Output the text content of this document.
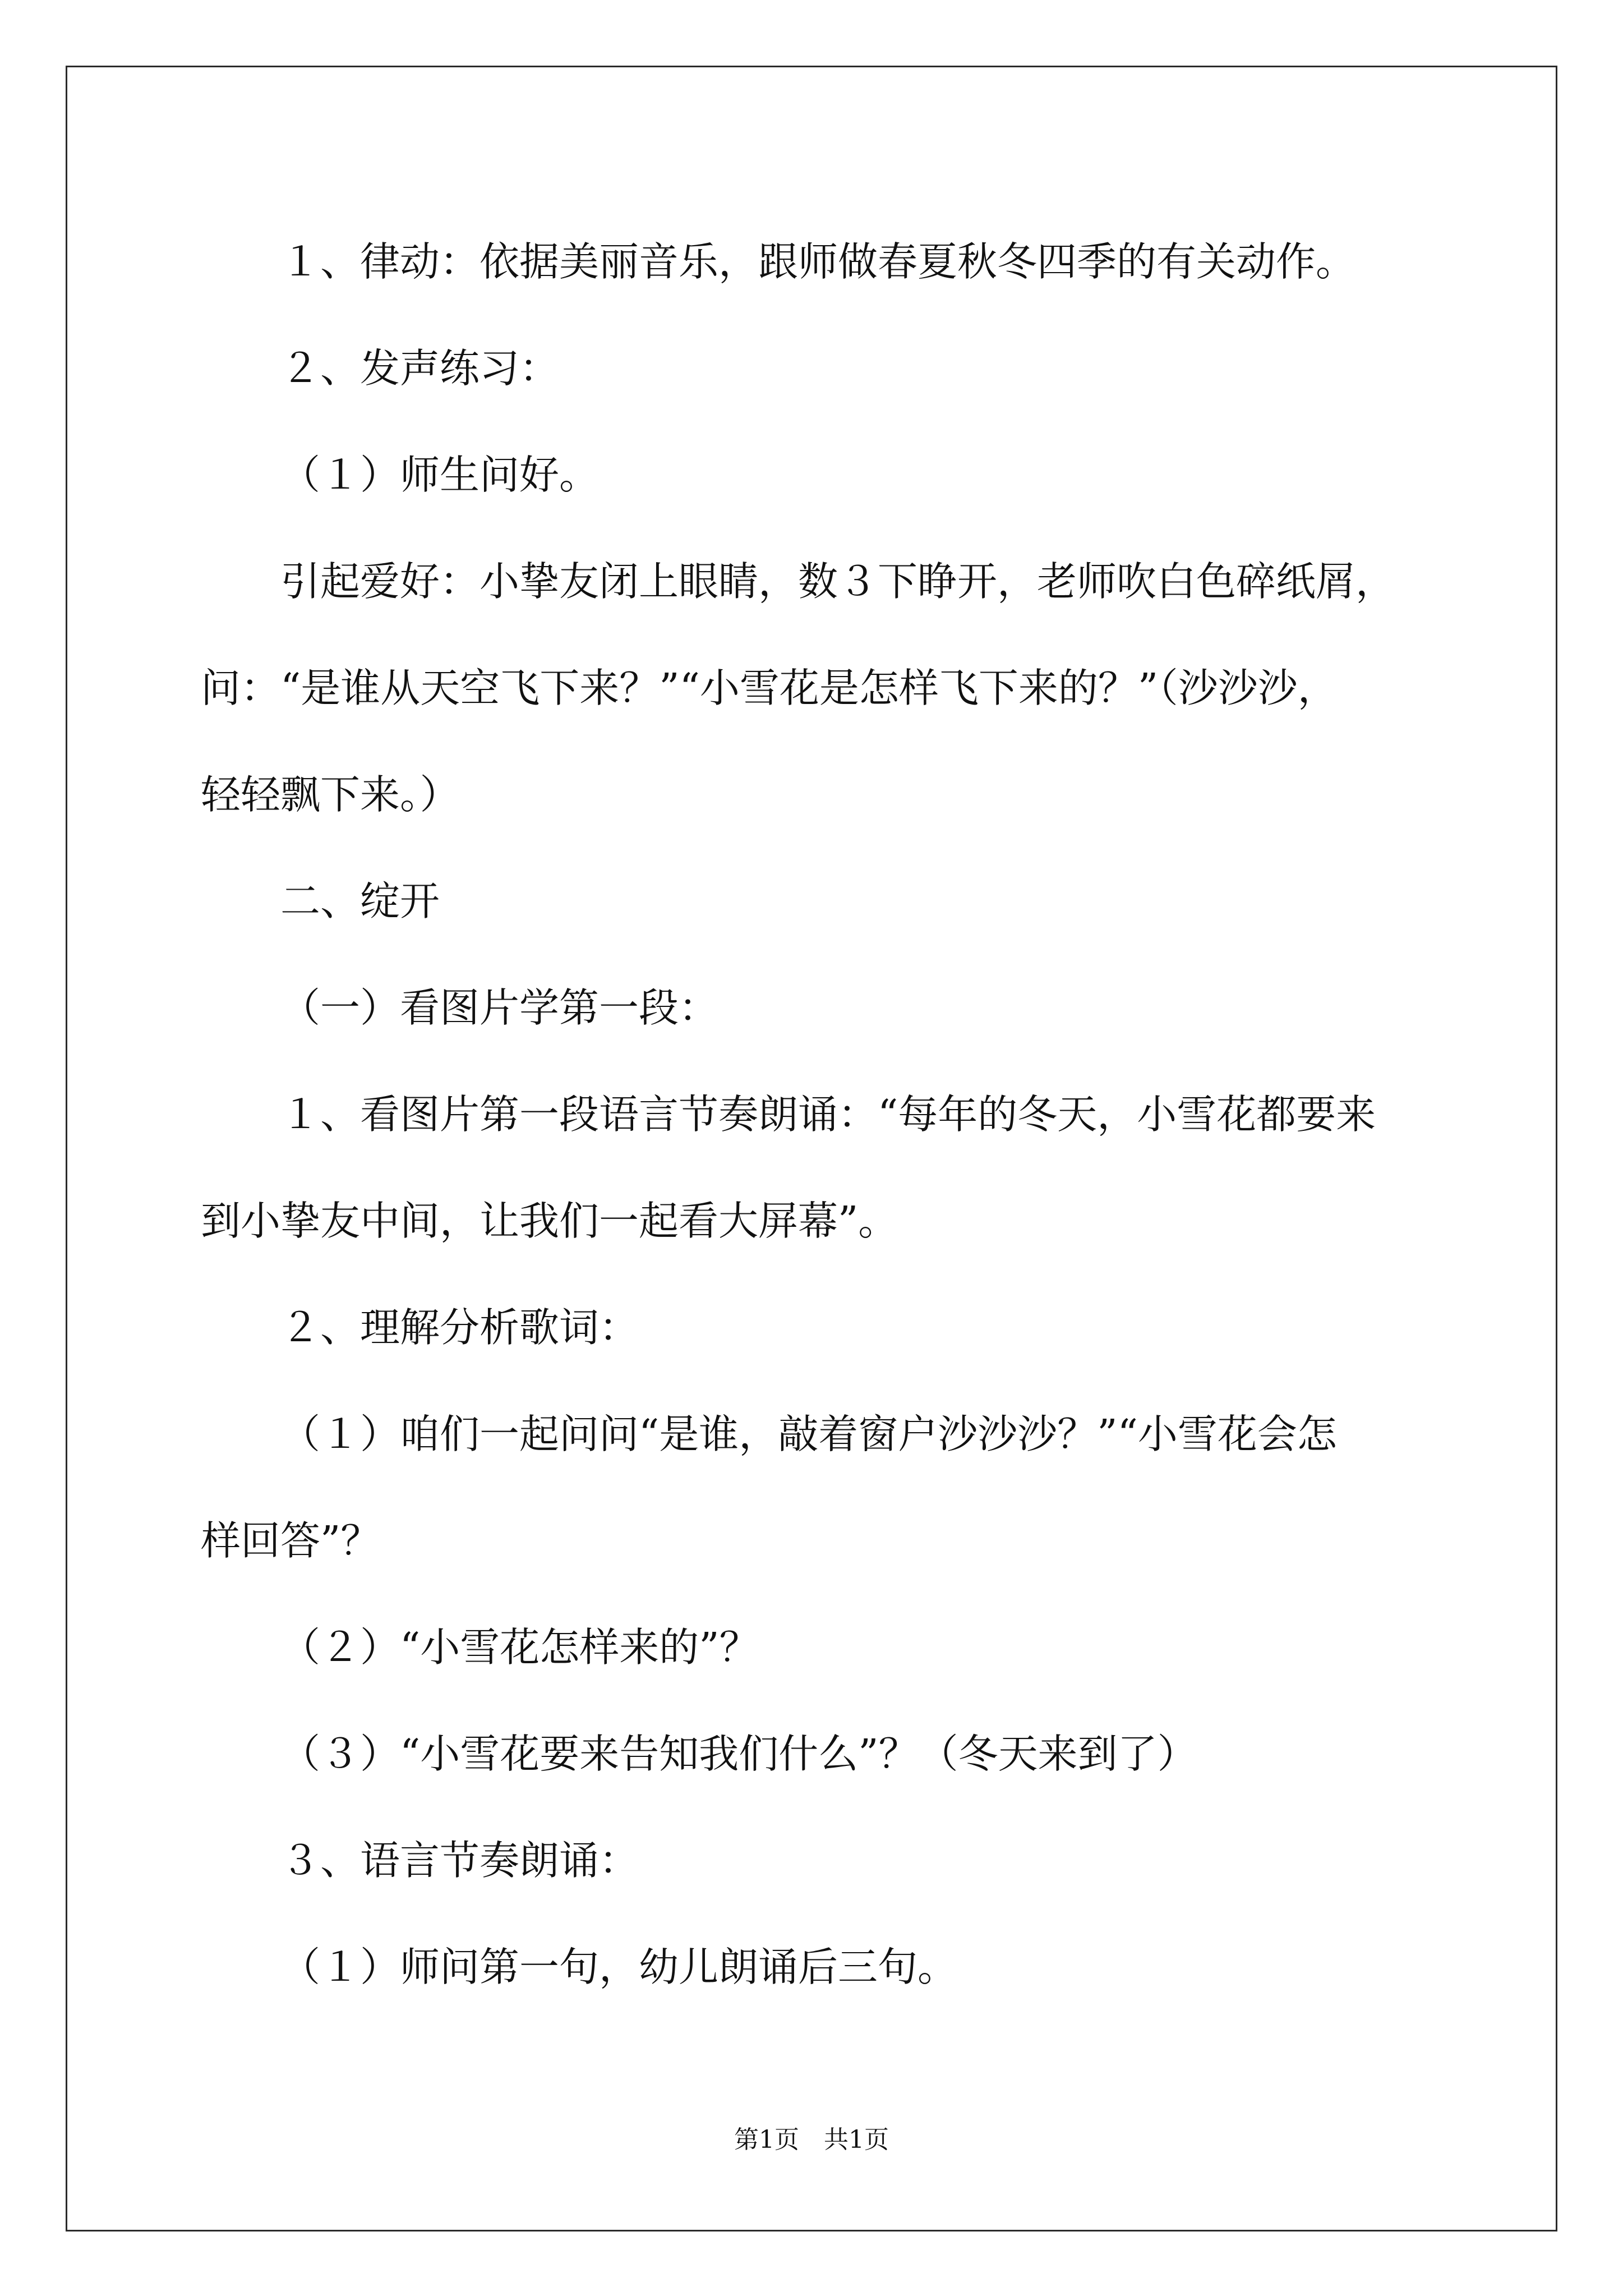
１、律动：依据美丽音乐，跟师做春夏秋冬四季的有关动作。

２、发声练习：

（１）师生问好。

引起爱好：小挚友闭上眼睛，数３下睁开，老师吹白色碎纸屑，

问：“是谁从天空飞下来？”“小雪花是怎样飞下来的？”（沙沙沙，

轻轻飘下来。）

二、绽开

（一）看图片学第一段：

１、看图片第一段语言节奏朗诵：“每年的冬天，小雪花都要来

到小挚友中间，让我们一起看大屏幕”。

２、理解分析歌词：

（１）咱们一起问问“是谁，敲着窗户沙沙沙？”“小雪花会怎

样回答”？

（２）“小雪花怎样来的”？

（３）“小雪花要来告知我们什么”？（冬天来到了）

３、语言节奏朗诵：

（１）师问第一句，幼儿朗诵后三句。

第1页　共1页
